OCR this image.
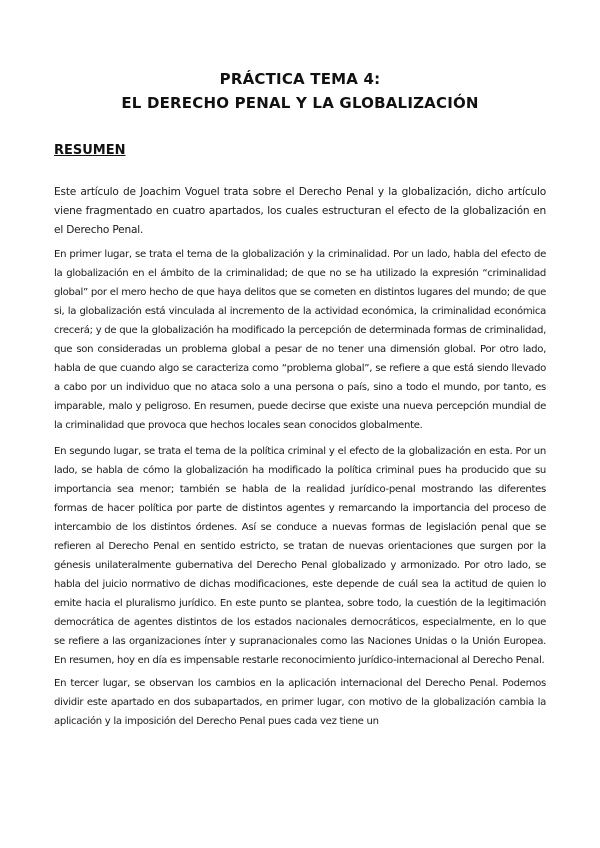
PRÁCTICA TEMA 4:
EL DERECHO PENAL Y LA GLOBALIZACIÓN
RESUMEN

Este artículo de Joachim Voguel trata sobre el Derecho Penal y la globalización, dicho artículo viene fragmentado en cuatro apartados, los cuales estructuran el efecto de la globalización en el Derecho Penal.

En primer lugar, se trata el tema de la globalización y la criminalidad. Por un lado, habla del efecto de la globalización en el ámbito de la criminalidad; de que no se ha utilizado la expresión “criminalidad global” por el mero hecho de que haya delitos que se cometen en distintos lugares del mundo; de que si, la globalización está vinculada al incremento de la actividad económica, la criminalidad económica crecerá; y de que la globalización ha modificado la percepción de determinada formas de criminalidad, que son consideradas un problema global a pesar de no tener una dimensión global. Por otro lado, habla de que cuando algo se caracteriza como “problema global”, se refiere a que está siendo llevado a cabo por un individuo que no ataca solo a una persona o país, sino a todo el mundo, por tanto, es imparable, malo y peligroso. En resumen, puede decirse que existe una nueva percepción mundial de la criminalidad que provoca que hechos locales sean conocidos globalmente.

En segundo lugar, se trata el tema de la política criminal y el efecto de la globalización en esta. Por un lado, se habla de cómo la globalización ha modificado la política criminal pues ha producido que su importancia sea menor; también se habla de la realidad jurídico-penal mostrando las diferentes formas de hacer política por parte de distintos agentes y remarcando la importancia del proceso de intercambio de los distintos órdenes. Así se conduce a nuevas formas de legislación penal que se refieren al Derecho Penal en sentido estricto, se tratan de nuevas orientaciones que surgen por la génesis unilateralmente gubernativa del Derecho Penal globalizado y armonizado. Por otro lado, se habla del juicio normativo de dichas modificaciones, este depende de cuál sea la actitud de quien lo emite hacia el pluralismo jurídico. En este punto se plantea, sobre todo, la cuestión de la legitimación democrática de agentes distintos de los estados nacionales democráticos, especialmente, en lo que se refiere a las organizaciones ínter y supranacionales como las Naciones Unidas o la Unión Europea. En resumen, hoy en día es impensable restarle reconocimiento jurídico-internacional al Derecho Penal.

En tercer lugar, se observan los cambios en la aplicación internacional del Derecho Penal. Podemos dividir este apartado en dos subapartados, en primer lugar, con motivo de la globalización cambia la aplicación y la imposición del Derecho Penal pues cada vez tiene un
